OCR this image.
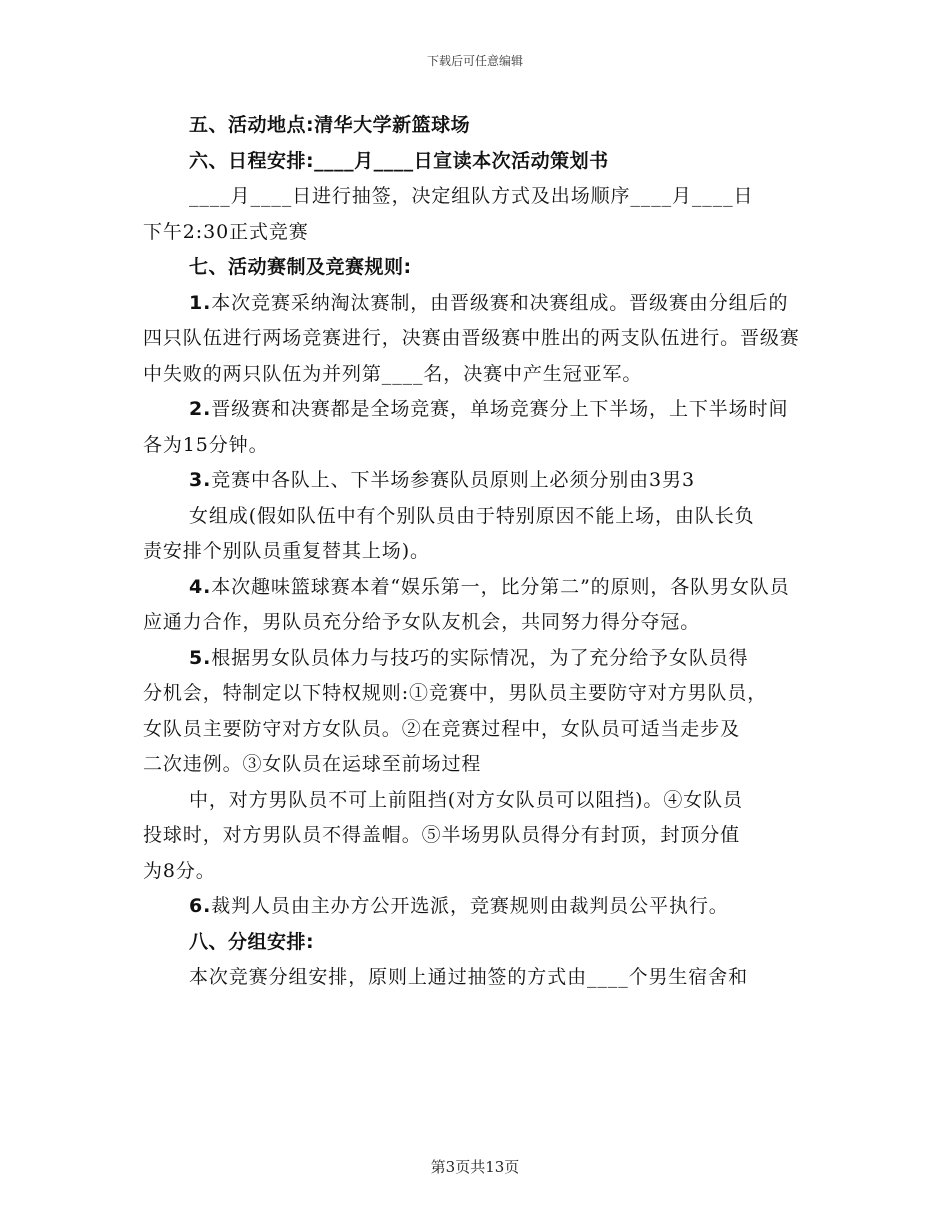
下载后可任意编辑

五、活动地点:清华大学新篮球场

六、日程安排:____月____日宣读本次活动策划书

____月____日进行抽签，决定组队方式及出场顺序____月____日
下午2:30正式竞赛

七、活动赛制及竞赛规则:

1.本次竞赛采纳淘汰赛制，由晋级赛和决赛组成。晋级赛由分组后的四只队伍进行两场竞赛进行，决赛由晋级赛中胜出的两支队伍进行。晋级赛中失败的两只队伍为并列第____名，决赛中产生冠亚军。

2.晋级赛和决赛都是全场竞赛，单场竞赛分上下半场，上下半场时间各为15分钟。

3.竞赛中各队上、下半场参赛队员原则上必须分别由3男3
女组成(假如队伍中有个别队员由于特别原因不能上场，由队长负
责安排个别队员重复替其上场)。

4.本次趣味篮球赛本着“娱乐第一，比分第二”的原则，各队男女队员应通力合作，男队员充分给予女队友机会，共同努力得分夺冠。

5.根据男女队员体力与技巧的实际情况，为了充分给予女队员得
分机会，特制定以下特权规则:①竞赛中，男队员主要防守对方男队员，
女队员主要防守对方女队员。②在竞赛过程中，女队员可适当走步及
二次违例。③女队员在运球至前场过程
中，对方男队员不可上前阻挡(对方女队员可以阻挡)。④女队员
投球时，对方男队员不得盖帽。⑤半场男队员得分有封顶，封顶分值
为8分。

6.裁判人员由主办方公开选派，竞赛规则由裁判员公平执行。

八、分组安排:

本次竞赛分组安排，原则上通过抽签的方式由____个男生宿舍和

第3页共13页
